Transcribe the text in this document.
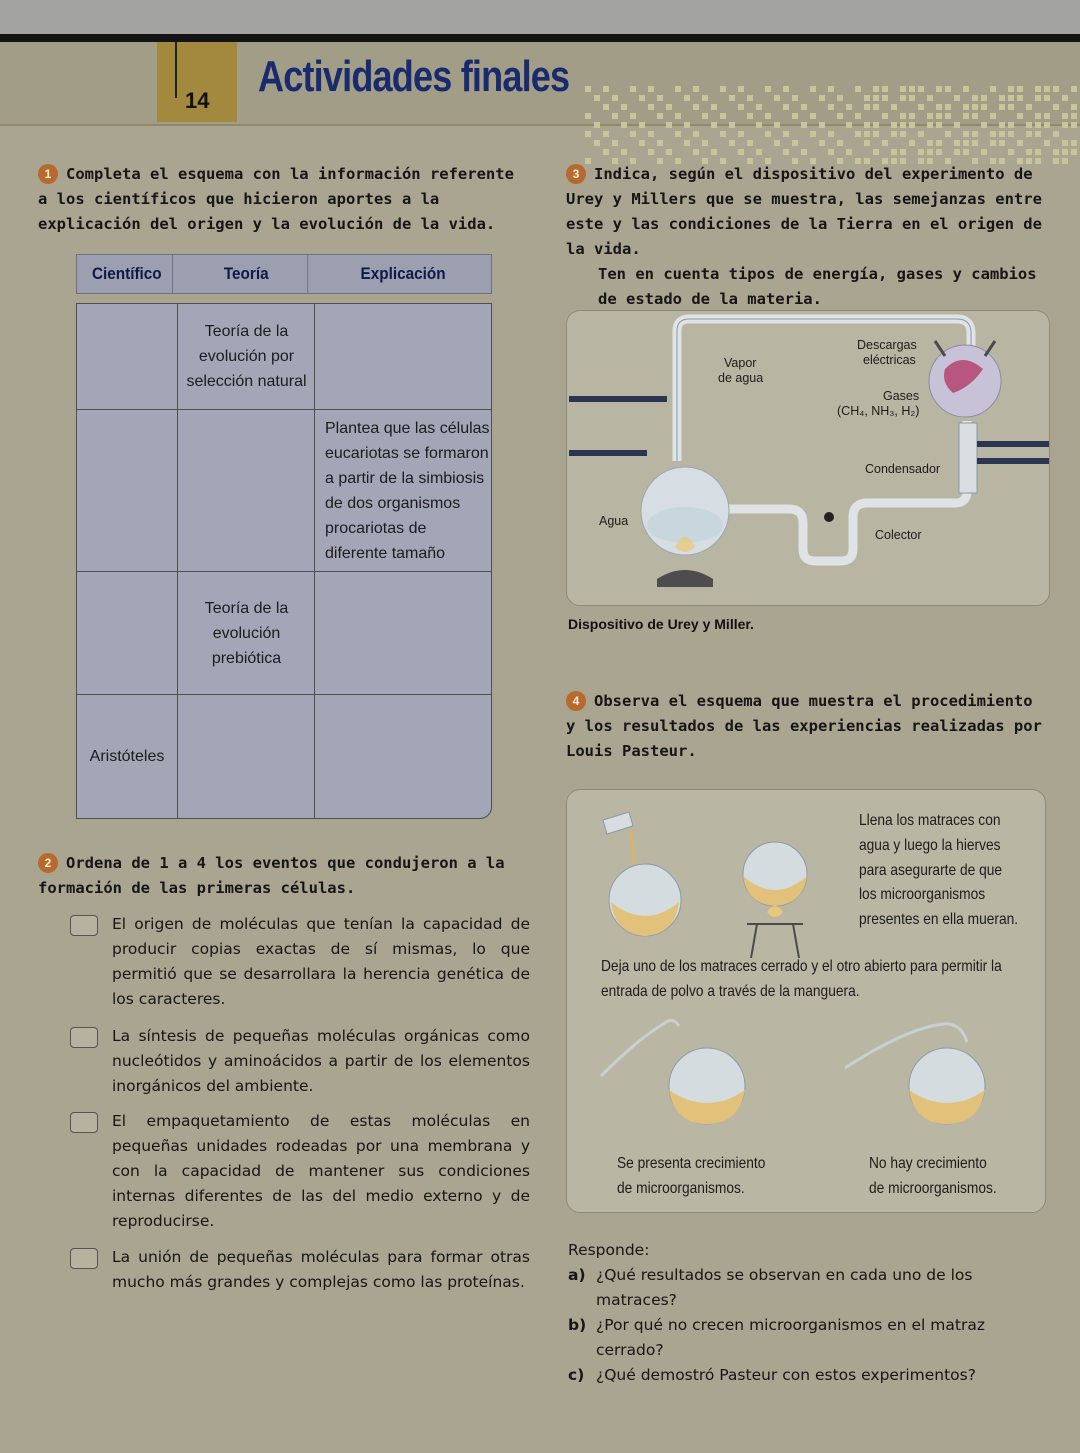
14 Actividades finales
1 Completa el esquema con la información referente a los científicos que hicieron aportes a la explicación del origen y la evolución de la vida.
Científico	Teoría	Explicación
Teoría de la evolución por selección natural
Plantea que las células eucariotas se formaron a partir de la simbiosis de dos organismos procariotas de diferente tamaño
Teoría de la evolución prebiótica
Aristóteles
2 Ordena de 1 a 4 los eventos que condujeron a la formación de las primeras células.
El origen de moléculas que tenían la capacidad de producir copias exactas de sí mismas, lo que permitió que se desarrollara la herencia genética de los caracteres.
La síntesis de pequeñas moléculas orgánicas como nucleótidos y aminoácidos a partir de los elementos inorgánicos del ambiente.
El empaquetamiento de estas moléculas en pequeñas unidades rodeadas por una membrana y con la capacidad de mantener sus condiciones internas diferentes de las del medio externo y de reproducirse.
La unión de pequeñas moléculas para formar otras mucho más grandes y complejas como las proteínas.
3 Indica, según el dispositivo del experimento de Urey y Millers que se muestra, las semejanzas entre este y las condiciones de la Tierra en el origen de la vida.
Ten en cuenta tipos de energía, gases y cambios de estado de la materia.
Vapor
de agua
Descargas
eléctricas
Gases
(CH₄, NH₃, H₂)
Condensador
Agua
Colector
Dispositivo de Urey y Miller.
4 Observa el esquema que muestra el procedimiento y los resultados de las experiencias realizadas por Louis Pasteur.
Llena los matraces con
agua y luego la hierves
para asegurarte de que
los microorganismos
presentes en ella mueran.
Deja uno de los matraces cerrado y el otro abierto para permitir la
entrada de polvo a través de la manguera.
Se presenta crecimiento
de microorganismos.
No hay crecimiento
de microorganismos.
Responde:
a) ¿Qué resultados se observan en cada uno de los matraces?
b) ¿Por qué no crecen microorganismos en el matraz cerrado?
c) ¿Qué demostró Pasteur con estos experimentos?
